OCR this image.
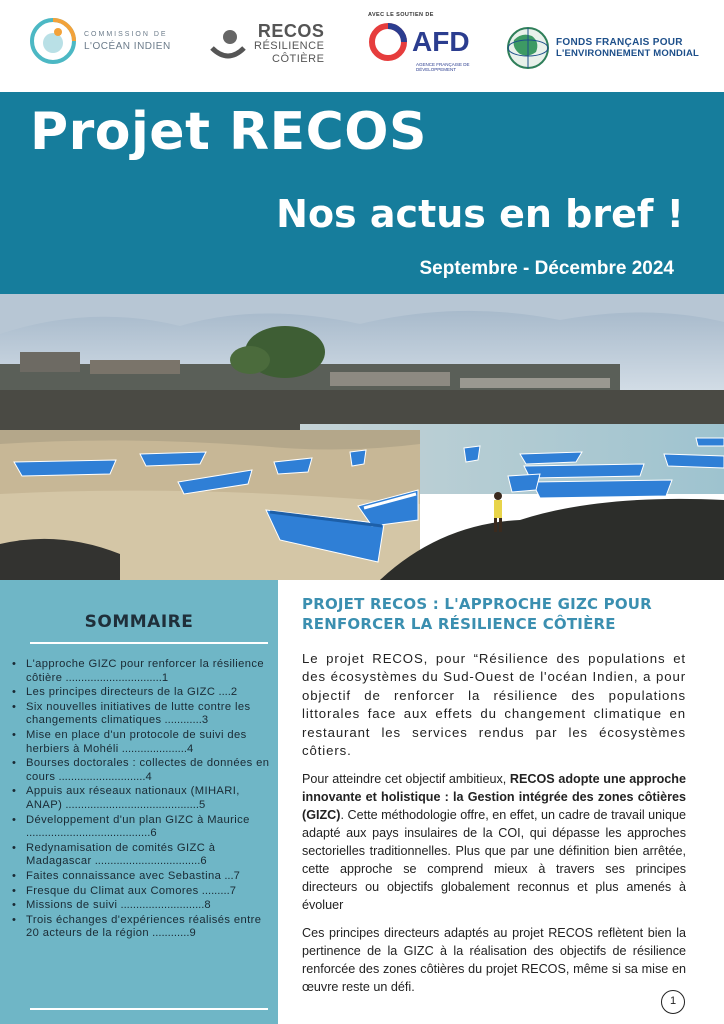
COMMISSION DE
L'OCÉAN INDIEN
RECOS
RÉSILIENCE
CÔTIÈRE
AVEC LE SOUTIEN DE
AFD
AGENCE FRANÇAISE DE DÉVELOPPEMENT
FONDS FRANÇAIS POUR
L'ENVIRONNEMENT MONDIAL
Projet RECOS
Nos actus en bref !
Septembre - Décembre 2024
SOMMAIRE
• L'approche GIZC pour renforcer la résilience côtière ...............................1
• Les principes directeurs de la GIZC ....2
• Six nouvelles initiatives de lutte contre les changements climatiques ............3
• Mise en place d'un protocole de suivi des herbiers à Mohéli .....................4
• Bourses doctorales : collectes de données en cours ............................4
• Appuis aux réseaux nationaux (MIHARI, ANAP) ...........................................5
• Développement d'un plan GIZC à Maurice ........................................6
• Redynamisation de comités GIZC à Madagascar ..................................6
• Faites connaissance avec Sebastina ...7
• Fresque du Climat aux Comores .........7
• Missions de suivi ...........................8
• Trois échanges d'expériences réalisés entre 20 acteurs de la région ............9
PROJET RECOS : L'APPROCHE GIZC POUR RENFORCER LA RÉSILIENCE CÔTIÈRE

Le projet RECOS, pour “Résilience des populations et des écosystèmes du Sud-Ouest de l'océan Indien, a pour objectif de renforcer la résilience des populations littorales face aux effets du changement climatique en restaurant les services rendus par les écosystèmes côtiers.

Pour atteindre cet objectif ambitieux, RECOS adopte une approche innovante et holistique : la Gestion intégrée des zones côtières (GIZC). Cette méthodologie offre, en effet, un cadre de travail unique adapté aux pays insulaires de la COI, qui dépasse les approches sectorielles traditionnelles. Plus que par une définition bien arrêtée, cette approche se comprend mieux à travers ses principes directeurs ou objectifs globalement reconnus et plus amenés à évoluer

Ces principes directeurs adaptés au projet RECOS reflètent bien la pertinence de la GIZC à la réalisation des objectifs de résilience renforcée des zones côtières du projet RECOS, même si sa mise en œuvre reste un défi.

1
